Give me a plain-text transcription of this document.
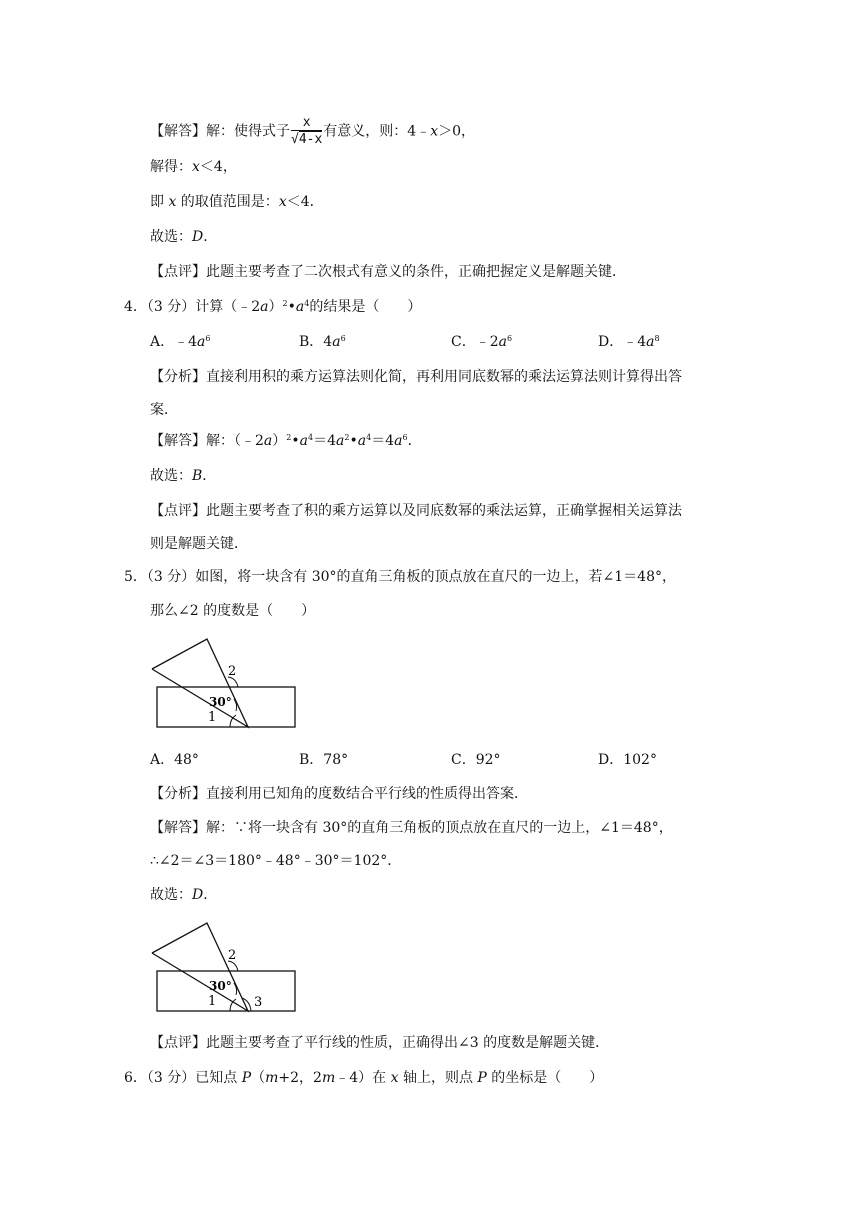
【解答】解：使得式子 $\frac{x}{√4-x}$ 有意义，则：4﹣x＞0，
解得：x＜4，
即 x 的取值范围是：x＜4．
故选：D．
【点评】此题主要考查了二次根式有意义的条件，正确把握定义是解题关键．
4．（3 分）计算$(﹣2a)^2•a^4$的结果是（　　）
A．$﹣4a^6$	B．$4a^6$	C．$﹣2a^6$	D．$﹣4a^8$
【分析】直接利用积的乘方运算法则化简，再利用同底数幂的乘法运算法则计算得出答
案．
【解答】解：$(﹣2a)^2•a^4=4a^2•a^4=4a^6$．
故选：B．
【点评】此题主要考查了积的乘方运算以及同底数幂的乘法运算，正确掌握相关运算法
则是解题关键．
5．（3 分）如图，将一块含有 30°的直角三角板的顶点放在直尺的一边上，若∠1＝48°，
那么∠2 的度数是（　　）
2
30°
1
A．48°	B．78°	C．92°	D．102°
【分析】直接利用已知角的度数结合平行线的性质得出答案．
【解答】解：∵将一块含有 30°的直角三角板的顶点放在直尺的一边上，∠1＝48°，
∴∠2＝∠3＝180°﹣48°﹣30°＝102°．
故选：D．
2
30°
1	3
【点评】此题主要考查了平行线的性质，正确得出∠3 的度数是解题关键．
6．（3 分）已知点 P（m+2，2m﹣4）在 x 轴上，则点 P 的坐标是（　　）
